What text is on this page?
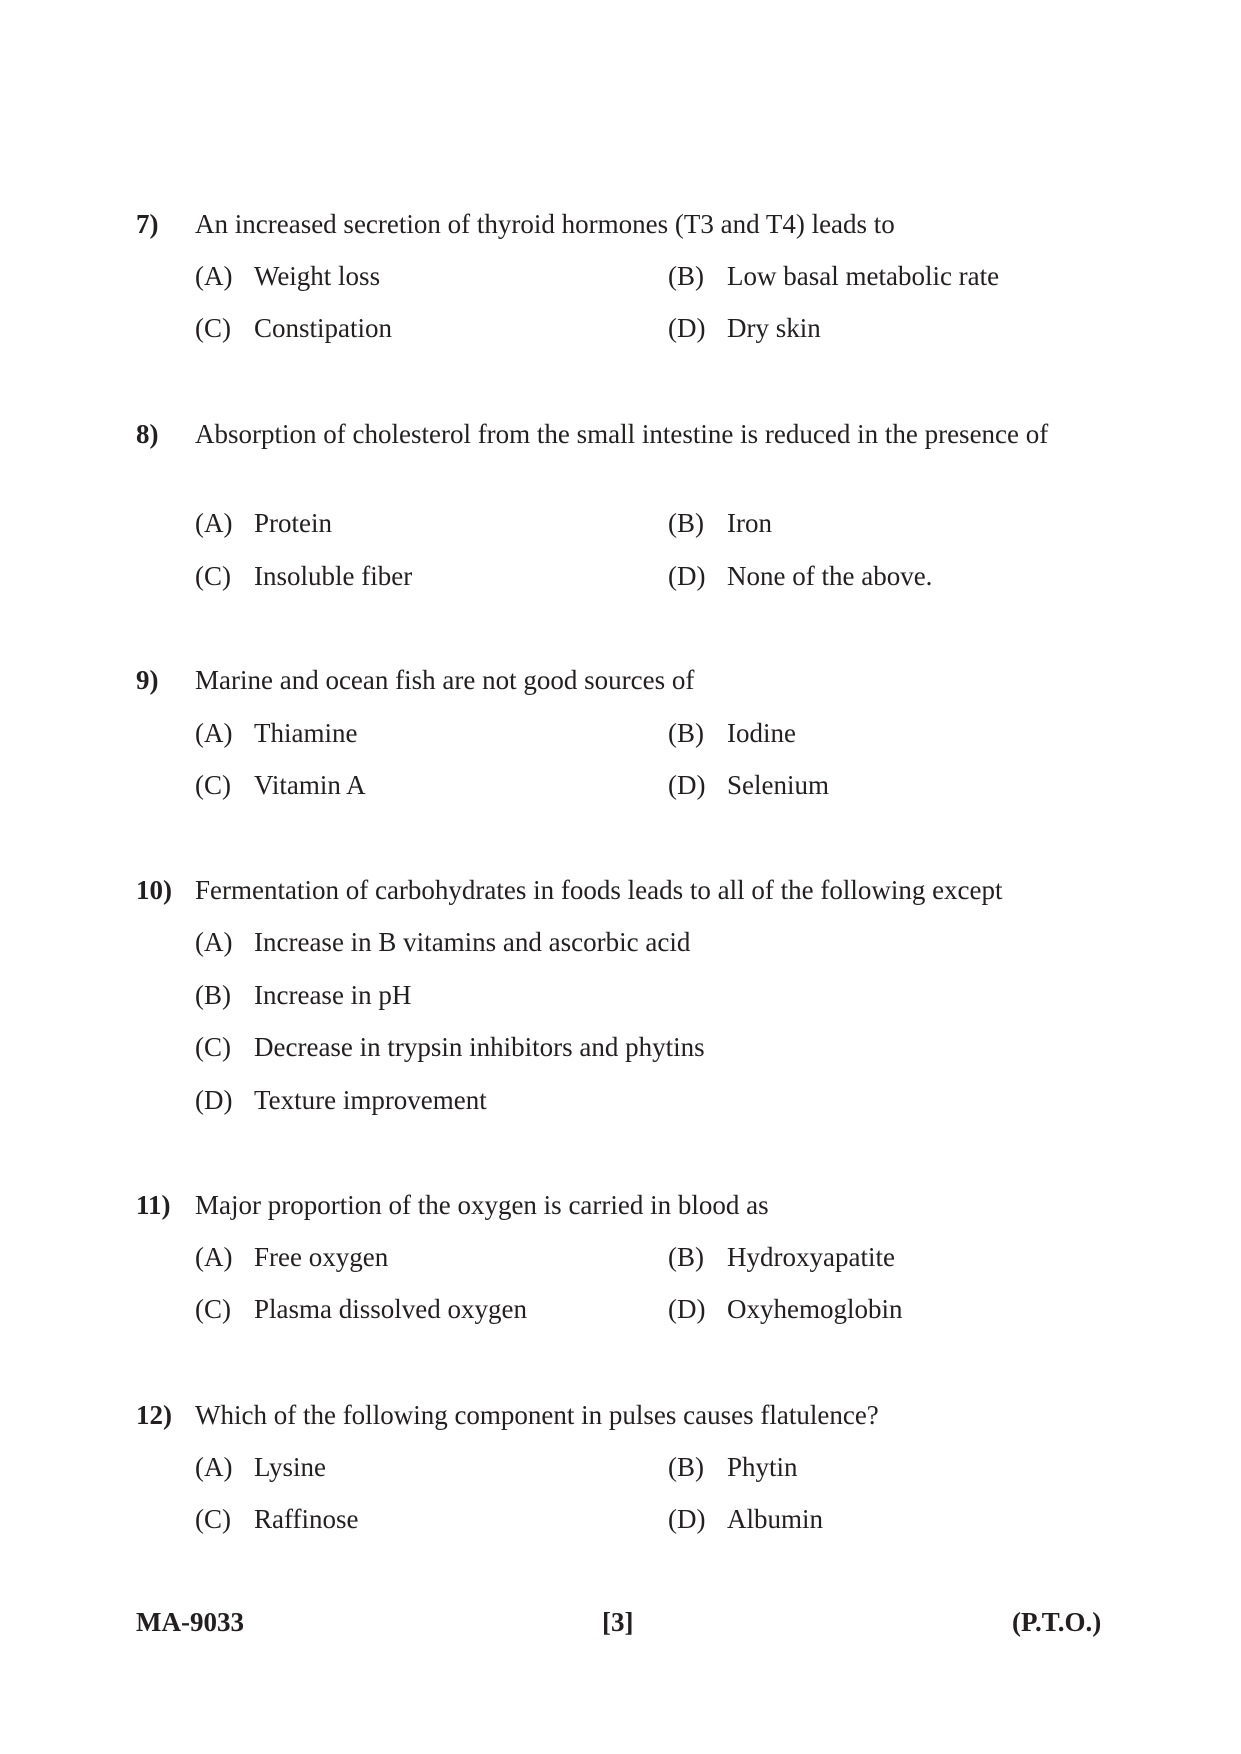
7) An increased secretion of thyroid hormones (T3 and T4) leads to
(A) Weight loss	(B) Low basal metabolic rate
(C) Constipation	(D) Dry skin
8) Absorption of cholesterol from the small intestine is reduced in the presence of
(A) Protein	(B) Iron
(C) Insoluble fiber	(D) None of the above.
9) Marine and ocean fish are not good sources of
(A) Thiamine	(B) Iodine
(C) Vitamin A	(D) Selenium
10) Fermentation of carbohydrates in foods leads to all of the following except
(A) Increase in B vitamins and ascorbic acid
(B) Increase in pH
(C) Decrease in trypsin inhibitors and phytins
(D) Texture improvement
11) Major proportion of the oxygen is carried in blood as
(A) Free oxygen	(B) Hydroxyapatite
(C) Plasma dissolved oxygen	(D) Oxyhemoglobin
12) Which of the following component in pulses causes flatulence?
(A) Lysine	(B) Phytin
(C) Raffinose	(D) Albumin
MA-9033	[3]	(P.T.O.)
